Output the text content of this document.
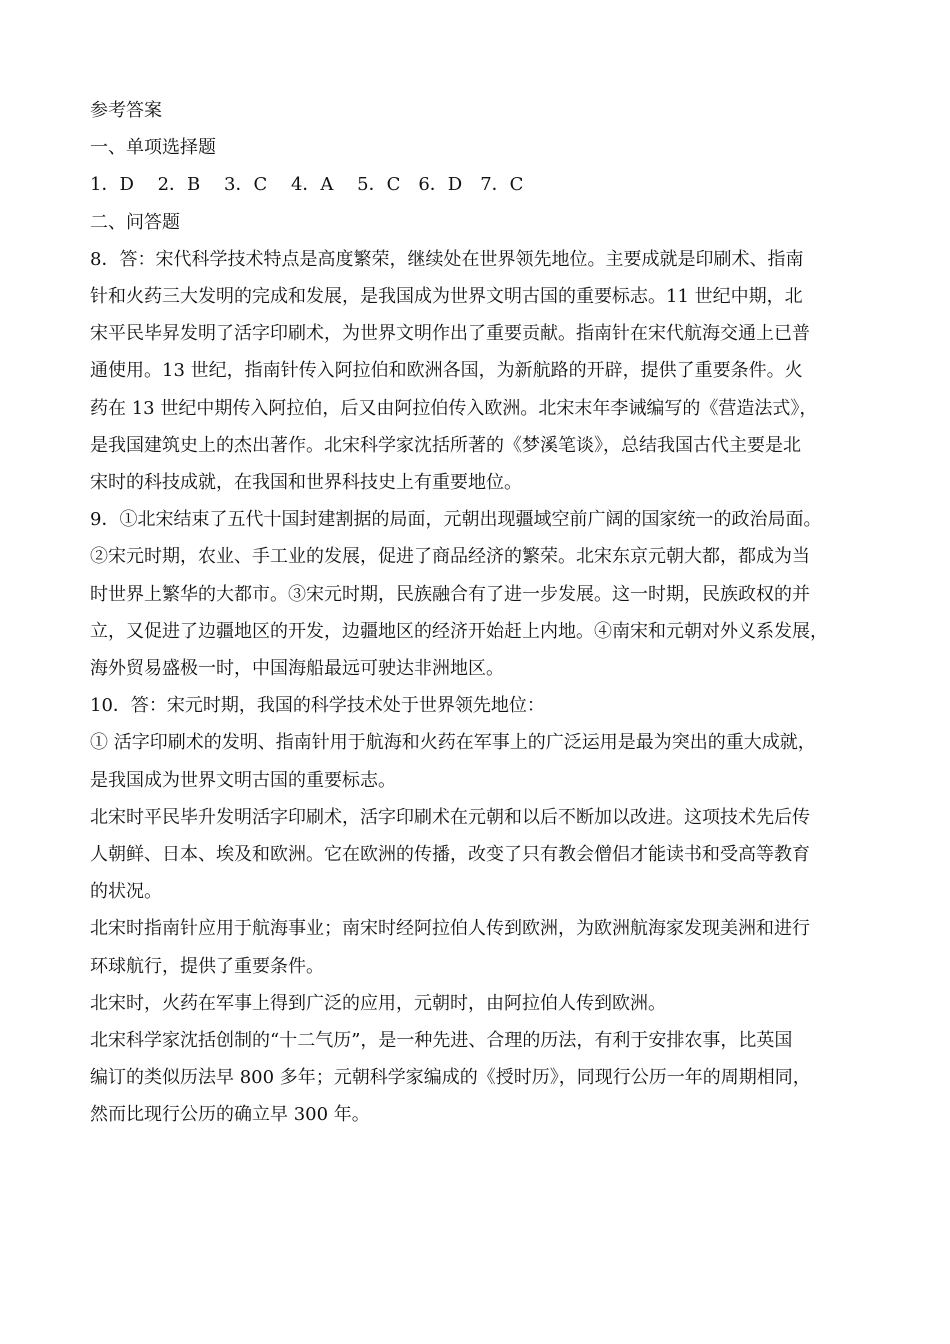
参考答案
一、单项选择题
1．D　 2．B　 3．C　 4．A　 5．C　6．D　7．C
二、问答题
8．答：宋代科学技术特点是高度繁荣，继续处在世界领先地位。主要成就是印刷术、指南
针和火药三大发明的完成和发展，是我国成为世界文明古国的重要标志。11 世纪中期，北
宋平民毕昇发明了活字印刷术，为世界文明作出了重要贡献。指南针在宋代航海交通上已普
通使用。13 世纪，指南针传入阿拉伯和欧洲各国，为新航路的开辟，提供了重要条件。火
药在 13 世纪中期传入阿拉伯，后又由阿拉伯传入欧洲。北宋末年李诫编写的《营造法式》，
是我国建筑史上的杰出著作。北宋科学家沈括所著的《梦溪笔谈》，总结我国古代主要是北
宋时的科技成就，在我国和世界科技史上有重要地位。
9．①北宋结束了五代十国封建割据的局面，元朝出现疆域空前广阔的国家统一的政治局面。
②宋元时期，农业、手工业的发展，促进了商品经济的繁荣。北宋东京元朝大都，都成为当
时世界上繁华的大都市。③宋元时期，民族融合有了进一步发展。这一时期，民族政权的并
立，又促进了边疆地区的开发，边疆地区的经济开始赶上内地。④南宋和元朝对外义系发展，
海外贸易盛极一时，中国海船最远可驶达非洲地区。
10．答：宋元时期，我国的科学技术处于世界领先地位：
① 活字印刷术的发明、指南针用于航海和火药在军事上的广泛运用是最为突出的重大成就，
是我国成为世界文明古国的重要标志。
北宋时平民毕升发明活字印刷术，活字印刷术在元朝和以后不断加以改进。这项技术先后传
人朝鲜、日本、埃及和欧洲。它在欧洲的传播，改变了只有教会僧侣才能读书和受高等教育
的状况。
北宋时指南针应用于航海事业；南宋时经阿拉伯人传到欧洲，为欧洲航海家发现美洲和进行
环球航行，提供了重要条件。
北宋时，火药在军事上得到广泛的应用，元朝时，由阿拉伯人传到欧洲。
北宋科学家沈括创制的“十二气历”，是一种先进、合理的历法，有利于安排农事，比英国
编订的类似历法早 800 多年；元朝科学家编成的《授时历》，同现行公历一年的周期相同，
然而比现行公历的确立早 300 年。
